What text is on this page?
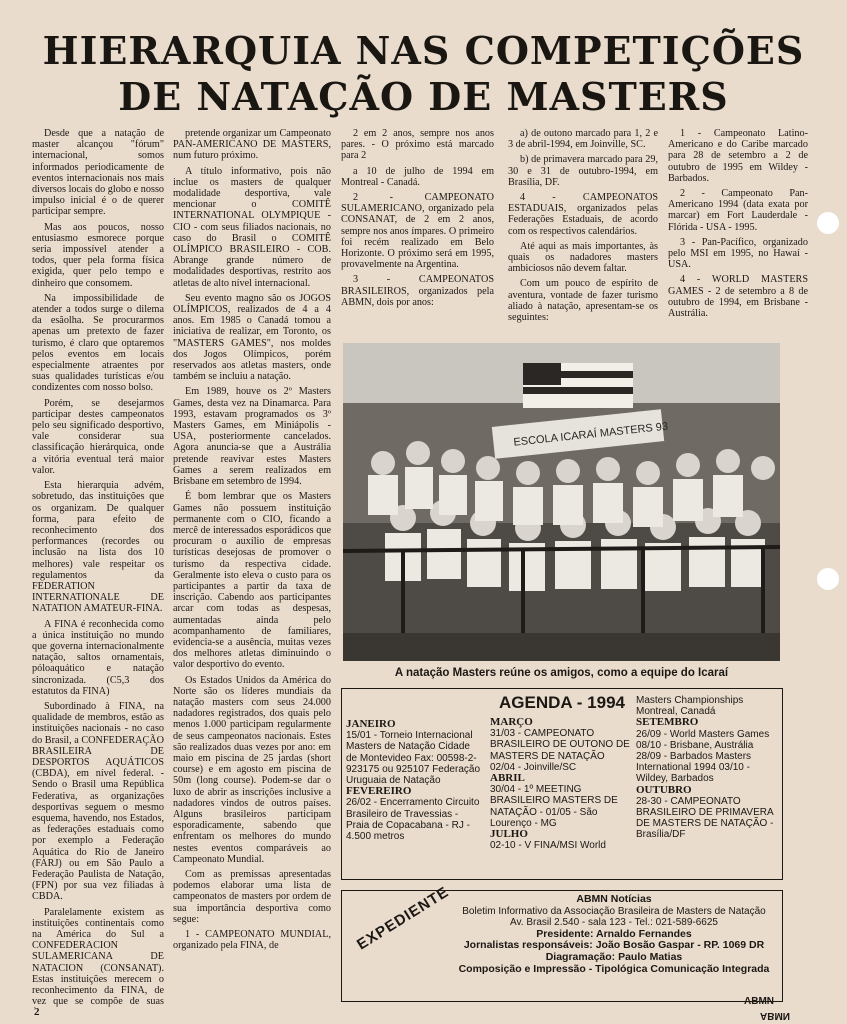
HIERARQUIA NAS COMPETIÇÕES
DE NATAÇÃO DE MASTERS

Desde que a natação de master alcançou "fórum" internacional, somos informados periodicamente de eventos internacionais nos mais diversos locais do globo e nosso impulso inicial é o de querer participar sempre.

Mas aos poucos, nosso entusiasmo esmorece porque seria impossível atender a todos, quer pela forma física exigida, quer pelo tempo e dinheiro que consomem.

Na impossibilidade de atender a todos surge o dilema da esãolha. Se procurarmos apenas um pretexto de fazer turismo, é claro que optaremos pelos eventos em locais especialmente atraentes por suas qualidades turísticas e/ou condizentes com nosso bolso.

Porém, se desejarmos participar destes campeonatos pelo seu significado desportivo, vale considerar sua classificação hierárquica, onde a vitória eventual terá maior valor.

Esta hierarquia advém, sobretudo, das instituições que os organizam. De qualquer forma, para efeito de reconhecimento dos performances (recordes ou inclusão na lista dos 10 melhores) vale respeitar os regulamentos da FEDERATION INTERNATIONALE DE NATATION AMATEUR-FINA.

A FINA é reconhecida como a única instituição no mundo que governa internacionalmente natação, saltos ornamentais, póloaquático e natação sincronizada. (C5,3 dos estatutos da FINA)

Subordinado à FINA, na qualidade de membros, estão as instituições nacionais - no caso do Brasil, a CONFEDERAÇÃO BRASILEIRA DE DESPORTOS AQUÁTICOS (CBDA), em nível federal. - Sendo o Brasil uma República Federativa, as organizações desportivas seguem o mesmo esquema, havendo, nos Estados, as federações estaduais como por exemplo a Federação Aquática do Rio de Janeiro (FARJ) ou em São Paulo a Federação Paulista de Natação, (FPN) por sua vez filiadas à CBDA.

Paralelamente existem as instituições continentais como na América do Sul a CONFEDERACION SULAMERICANA DE NATACION (CONSANAT). Estas instituições merecem o reconhecimento da FINA, de vez que se compõe de suas

pretende organizar um Campeonato PAN-AMERICANO DE MASTERS, num futuro próximo.

A título informativo, pois não inclue os masters de qualquer modalidade desportiva, vale mencionar o COMITÊ INTERNATIONAL OLYMPIQUE - CIO - com seus filiados nacionais, no caso do Brasil o COMITÊ OLÍMPICO BRASILEIRO - COB. Abrange grande número de modalidades desportivas, restrito aos atletas de alto nível internacional.

Seu evento magno são os JOGOS OLÍMPICOS, realizados de 4 a 4 anos. Em 1985 o Canadá tomou a iniciativa de realizar, em Toronto, os "MASTERS GAMES", nos moldes dos Jogos Olímpicos, porém reservados aos atletas masters, onde também se incluiu a natação.

Em 1989, houve os 2º Masters Games, desta vez na Dinamarca. Para 1993, estavam programados os 3º Masters Games, em Miniápolis - USA, posteriormente cancelados. Agora anuncia-se que a Austrália pretende reavivar estes Masters Games a serem realizados em Brisbane em setembro de 1994.

É bom lembrar que os Masters Games não possuem instituição permanente com o CIO, ficando a mercê de interessados esporádicos que procuram o auxílio de empresas turísticas desejosas de promover o turismo da respectiva cidade. Geralmente isto eleva o custo para os participantes a partir da taxa de inscrição. Cabendo aos participantes arcar com todas as despesas, aumentadas ainda pelo acompanhamento de familiares, evidencia-se a ausência, muitas vezes dos melhores atletas diminuindo o valor desportivo do evento.

Os Estados Unidos da América do Norte são os líderes mundiais da natação masters com seus 24.000 nadadores registrados, dos quais pelo menos 1.000 participam regularmente de seus campeonatos nacionais. Estes são realizados duas vezes por ano: em maio em piscina de 25 jardas (short course) e em agosto em piscina de 50m (long course). Podem-se dar o luxo de abrir as inscrições inclusive a nadadores vindos de outros países. Alguns brasileiros participam esporadicamente, sabendo que enfrentam os melhores do mundo nestes eventos comparáveis ao Campeonato Mundial.

Com as premissas apresentadas podemos elaborar uma lista de campeonatos de masters por ordem de sua importância desportiva como segue:

1 - CAMPEONATO MUNDIAL, organizado pela FINA, de

2 em 2 anos, sempre nos anos pares. - O próximo está marcado para 2

a 10 de julho de 1994 em Montreal - Canadá.

2 - CAMPEONATO SULAMERICANO, organizado pela CONSANAT, de 2 em 2 anos, sempre nos anos ímpares. O primeiro foi recém realizado em Belo Horizonte. O próximo será em 1995, provavelmente na Argentina.

3 - CAMPEONATOS BRASILEIROS, organizados pela ABMN, dois por anos:

a) de outono marcado para 1, 2 e 3 de abril-1994, em Joinville, SC.

b) de primavera marcado para 29, 30 e 31 de outubro-1994, em Brasília, DF.

4 - CAMPEONATOS ESTADUAIS, organizados pelas Federações Estaduais, de acordo com os respectivos calendários.

Até aqui as mais importantes, às quais os nadadores masters ambiciosos não devem faltar.

Com um pouco de espírito de aventura, vontade de fazer turismo aliado à natação, apresentam-se os seguintes:

1 - Campeonato Latino-Americano e do Caribe marcado para 28 de setembro a 2 de outubro de 1995 em Wildey - Barbados.

2 - Campeonato Pan-Americano 1994 (data exata por marcar) em Fort Lauderdale - Flórida - USA - 1995.

3 - Pan-Pacífico, organizado pelo MSI em 1995, no Hawaí - USA.

4 - WORLD MASTERS GAMES - 2 de setembro a 8 de outubro de 1994, em Brisbane - Austrália.

ESCOLA ICARAÍ MASTERS 93
A natação Masters reúne os amigos, como a equipe do Icaraí
AGENDA - 1994
JANEIRO
15/01 - Torneio Internacional Masters de Natação Cidade de Montevideo Fax: 00598-2-923175 ou 925107 Federação Uruguaia de Natação
FEVEREIRO
26/02 - Encerramento Circuito Brasileiro de Travessias - Praia de Copacabana - RJ - 4.500 metros
MARÇO
31/03 - CAMPEONATO BRASILEIRO DE OUTONO DE MASTERS DE NATAÇÃO 02/04 - Joinville/SC
ABRIL
30/04 - 1º MEETING BRASILEIRO MASTERS DE NATAÇÃO - 01/05 - São Lourenço - MG
JULHO
02-10 - V FINA/MSI World
Masters Championships Montreal, Canadá
SETEMBRO
26/09 - World Masters Games 08/10 - Brisbane, Austrália 28/09 - Barbados Masters International 1994 03/10 - Wildey, Barbados
OUTUBRO
28-30 - CAMPEONATO BRASILEIRO DE PRIMAVERA DE MASTERS DE NATAÇÃO - Brasília/DF
EXPEDIENTE	ABMN Notícias
Boletim Informativo da Associação Brasileira de Masters de Natação
Av. Brasil 2.540 - sala 123 - Tel.: 021-589-6625
Presidente: Arnaldo Fernandes
Jornalistas responsáveis: João Bosão Gaspar - RP. 1069 DR
Diagramação: Paulo Matias
Composição e Impressão - Tipológica Comunicação Integrada
ABMN
ABMN
2
